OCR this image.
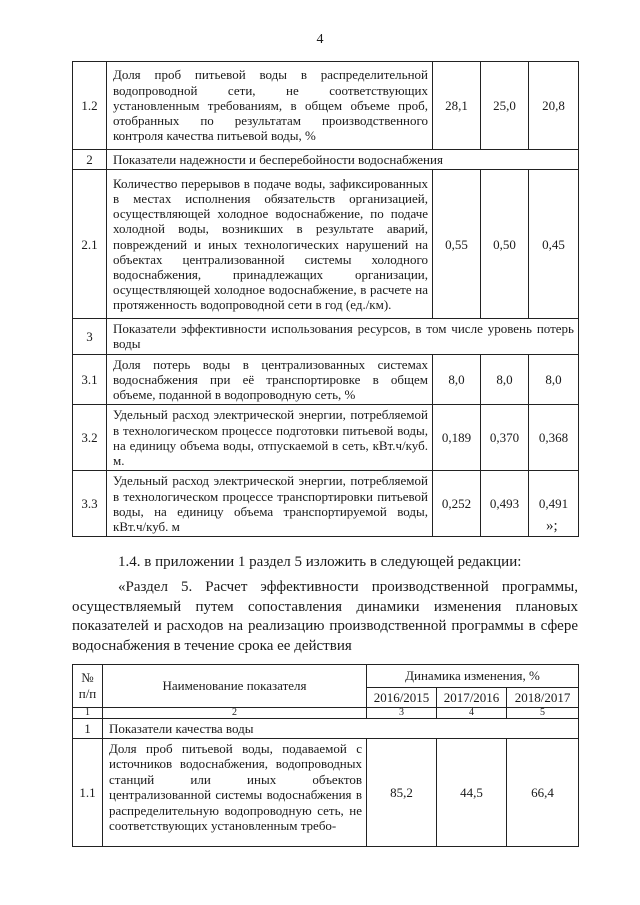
4
1.2	Доля проб питьевой воды в распределительной водопроводной сети, не соответствующих установленным требованиям, в общем объеме проб, отобранных по результатам производственного контроля качества питьевой воды, %	28,1	25,0	20,8
2	Показатели надежности и бесперебойности водоснабжения			
2.1	Количество перерывов в подаче воды, зафиксированных в местах исполнения обязательств организацией, осуществляющей холодное водоснабжение, по подаче холодной воды, возникших в результате аварий, повреждений и иных технологических нарушений на объектах централизованной системы холодного водоснабжения, принадлежащих организации, осуществляющей холодное водоснабжение, в расчете на протяженность водопроводной сети в год (ед./км).	0,55	0,50	0,45
3	Показатели эффективности использования ресурсов, в том числе уровень потерь воды			
3.1	Доля потерь воды в централизованных системах водоснабжения при её транспортировке в общем объеме, поданной в водопроводную сеть, %	8,0	8,0	8,0
3.2	Удельный расход электрической энергии, потребляемой в технологическом процессе подготовки питьевой воды, на единицу объема воды, отпускаемой в сеть, кВт.ч/куб. м.	0,189	0,370	0,368
3.3	Удельный расход электрической энергии, потребляемой в технологическом процессе транспортировки питьевой воды, на единицу объема транспортируемой воды, кВт.ч/куб. м	0,252	0,493	0,491
»;
1.4. в приложении 1 раздел 5 изложить в следующей редакции:
«Раздел 5. Расчет эффективности производственной программы, осуществляемый путем сопоставления динамики изменения плановых показателей и расходов на реализацию производственной программы в сфере водоснабжения в течение срока ее действия
№ п/п	Наименование показателя	Динамика изменения, %		
		2016/2015	2017/2016	2018/2017
1	2	3	4	5
1	Показатели качества воды			
1.1	Доля проб питьевой воды, подаваемой с источников водоснабжения, водопроводных станций или иных объектов централизованной системы водоснабжения в распределительную водопроводную сеть, не соответствующих установленным требо-	85,2	44,5	66,4
